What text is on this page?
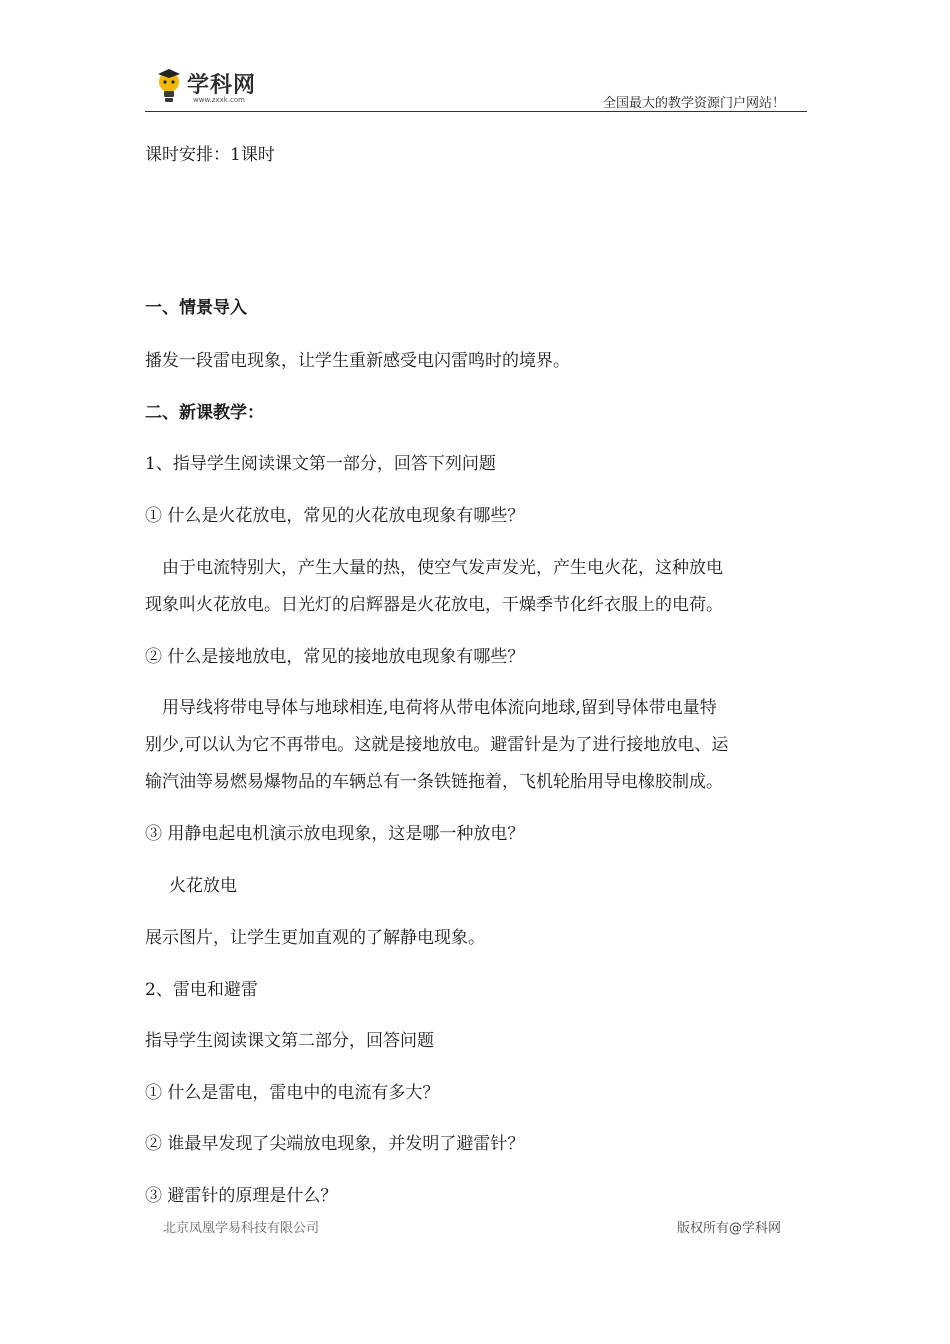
学科网
www.zxxk.com	全国最大的教学资源门户网站！
课时安排：1课时
一、情景导入
播发一段雷电现象，让学生重新感受电闪雷鸣时的境界。
二、新课教学：
1、指导学生阅读课文第一部分，回答下列问题
① 什么是火花放电，常见的火花放电现象有哪些？
由于电流特别大，产生大量的热，使空气发声发光，产生电火花，这种放电
现象叫火花放电。日光灯的启辉器是火花放电，干燥季节化纤衣服上的电荷。
② 什么是接地放电，常见的接地放电现象有哪些？
用导线将带电导体与地球相连,电荷将从带电体流向地球,留到导体带电量特
别少,可以认为它不再带电。这就是接地放电。避雷针是为了进行接地放电、运
输汽油等易燃易爆物品的车辆总有一条铁链拖着，飞机轮胎用导电橡胶制成。
③ 用静电起电机演示放电现象，这是哪一种放电？
火花放电
展示图片，让学生更加直观的了解静电现象。
2、雷电和避雷
指导学生阅读课文第二部分，回答问题
① 什么是雷电，雷电中的电流有多大？
② 谁最早发现了尖端放电现象，并发明了避雷针？
③ 避雷针的原理是什么？
北京凤凰学易科技有限公司	版权所有@学科网
